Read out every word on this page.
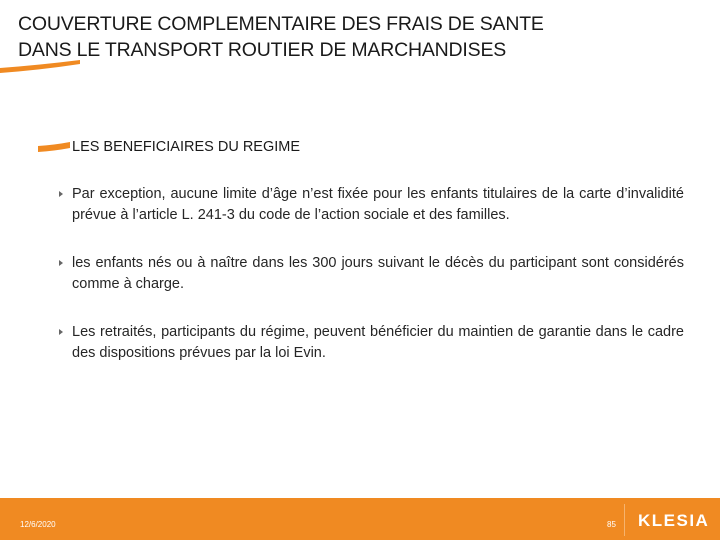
COUVERTURE COMPLEMENTAIRE DES FRAIS DE SANTE
DANS LE TRANSPORT ROUTIER DE MARCHANDISES
LES BENEFICIAIRES DU REGIME
Par exception, aucune limite d’âge n’est fixée pour les enfants titulaires de la carte d’invalidité prévue à l’article L. 241-3 du code de l’action sociale et des familles.
les enfants nés ou à naître dans les 300 jours suivant le décès du participant sont considérés comme à charge.
Les retraités, participants du régime, peuvent bénéficier du maintien de garantie dans le cadre des dispositions prévues par la loi Evin.
12/6/2020	85 KLESIA
